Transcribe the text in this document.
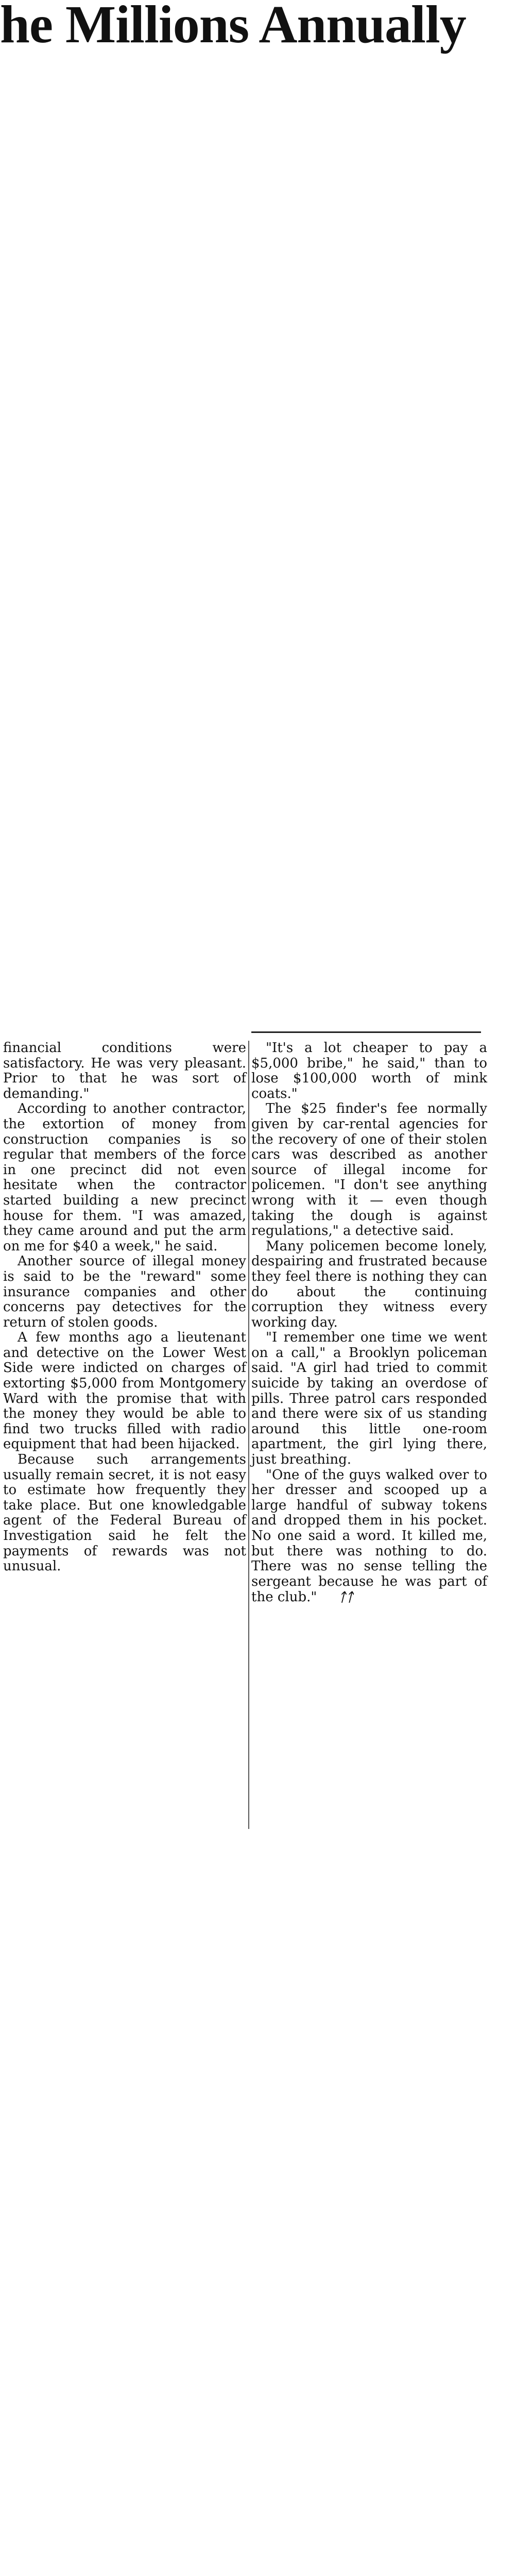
he Millions Annually

financial conditions were satisfactory. He was very pleasant. Prior to that he was sort of demanding."

According to another contractor, the extortion of money from construction companies is so regular that members of the force in one precinct did not even hesitate when the contractor started building a new precinct house for them. "I was amazed, they came around and put the arm on me for $40 a week," he said.

Another source of illegal money is said to be the "reward" some insurance companies and other concerns pay detectives for the return of stolen goods.

A few months ago a lieutenant and detective on the Lower West Side were indicted on charges of extorting $5,000 from Montgomery Ward with the promise that with the money they would be able to find two trucks filled with radio equipment that had been hijacked.

Because such arrangements usually remain secret, it is not easy to estimate how frequently they take place. But one knowledgable agent of the Federal Bureau of Investigation said he felt the payments of rewards was not unusual.

"It's a lot cheaper to pay a $5,000 bribe," he said," than to lose $100,000 worth of mink coats."

The $25 finder's fee normally given by car-rental agencies for the recovery of one of their stolen cars was described as another source of illegal income for policemen. "I don't see anything wrong with it — even though taking the dough is against regulations," a detective said.

Many policemen become lonely, despairing and frustrated because they feel there is nothing they can do about the continuing corruption they witness every working day.

"I remember one time we went on a call," a Brooklyn policeman said. "A girl had tried to commit suicide by taking an overdose of pills. Three patrol cars responded and there were six of us standing around this little one-room apartment, the girl lying there, just breathing.

"One of the guys walked over to her dresser and scooped up a large handful of subway tokens and dropped them in his pocket. No one said a word. It killed me, but there was nothing to do. There was no sense telling the sergeant because he was part of the club." ᛏᛏ
